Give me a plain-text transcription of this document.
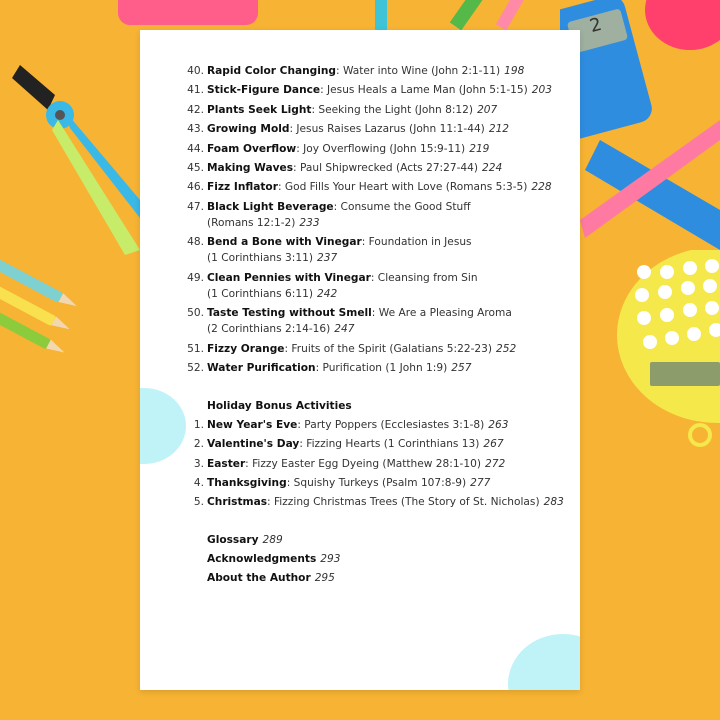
2
40. Rapid Color Changing: Water into Wine (John 2:1-11) 198
41. Stick-Figure Dance: Jesus Heals a Lame Man (John 5:1-15) 203
42. Plants Seek Light: Seeking the Light (John 8:12) 207
43. Growing Mold: Jesus Raises Lazarus (John 11:1-44) 212
44. Foam Overflow: Joy Overflowing (John 15:9-11) 219
45. Making Waves: Paul Shipwrecked (Acts 27:27-44) 224
46. Fizz Inflator: God Fills Your Heart with Love (Romans 5:3-5) 228
47. Black Light Beverage: Consume the Good Stuff
(Romans 12:1-2) 233
48. Bend a Bone with Vinegar: Foundation in Jesus
(1 Corinthians 3:11) 237
49. Clean Pennies with Vinegar: Cleansing from Sin
(1 Corinthians 6:11) 242
50. Taste Testing without Smell: We Are a Pleasing Aroma
(2 Corinthians 2:14-16) 247
51. Fizzy Orange: Fruits of the Spirit (Galatians 5:22-23) 252
52. Water Purification: Purification (1 John 1:9) 257
Holiday Bonus Activities
1. New Year's Eve: Party Poppers (Ecclesiastes 3:1-8) 263
2. Valentine's Day: Fizzing Hearts (1 Corinthians 13) 267
3. Easter: Fizzy Easter Egg Dyeing (Matthew 28:1-10) 272
4. Thanksgiving: Squishy Turkeys (Psalm 107:8-9) 277
5. Christmas: Fizzing Christmas Trees (The Story of St. Nicholas) 283
Glossary 289
Acknowledgments 293
About the Author 295
